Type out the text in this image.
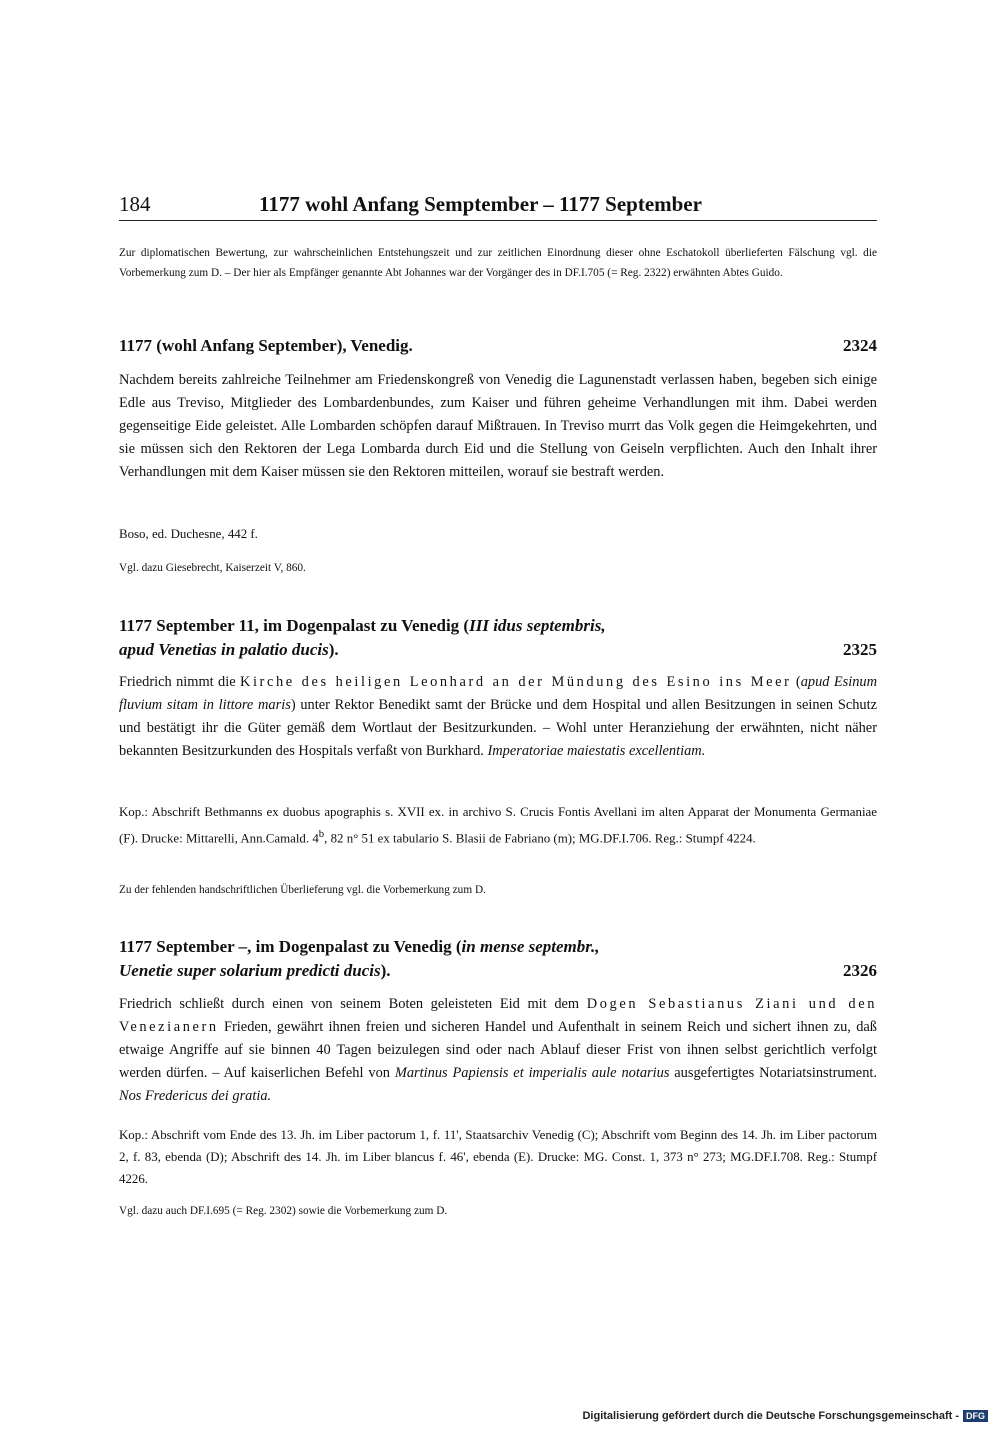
184	1177 wohl Anfang Semptember – 1177 September
Zur diplomatischen Bewertung, zur wahrscheinlichen Entstehungszeit und zur zeitlichen Einordnung dieser ohne Eschatokoll überlieferten Fälschung vgl. die Vorbemerkung zum D. – Der hier als Empfänger genannte Abt Johannes war der Vorgänger des in DF.I.705 (= Reg. 2322) erwähnten Abtes Guido.
1177 (wohl Anfang September), Venedig.	2324
Nachdem bereits zahlreiche Teilnehmer am Friedenskongreß von Venedig die Lagunenstadt verlassen haben, begeben sich einige Edle aus Treviso, Mitglieder des Lombardenbundes, zum Kaiser und führen geheime Verhandlungen mit ihm. Dabei werden gegenseitige Eide geleistet. Alle Lombarden schöpfen darauf Mißtrauen. In Treviso murrt das Volk gegen die Heimgekehrten, und sie müssen sich den Rektoren der Lega Lombarda durch Eid und die Stellung von Geiseln verpflichten. Auch den Inhalt ihrer Verhandlungen mit dem Kaiser müssen sie den Rektoren mitteilen, worauf sie bestraft werden.
Boso, ed. Duchesne, 442 f.
Vgl. dazu Giesebrecht, Kaiserzeit V, 860.
1177 September 11, im Dogenpalast zu Venedig (III idus septembris,
apud Venetias in palatio ducis).	2325
Friedrich nimmt die Kirche des heiligen Leonhard an der Mündung des Esino ins Meer (apud Esinum fluvium sitam in littore maris) unter Rektor Benedikt samt der Brücke und dem Hospital und allen Besitzungen in seinen Schutz und bestätigt ihr die Güter gemäß dem Wortlaut der Besitzurkunden. – Wohl unter Heranziehung der erwähnten, nicht näher bekannten Besitzurkunden des Hospitals verfaßt von Burkhard. Imperatoriae maiestatis excellentiam.
Kop.: Abschrift Bethmanns ex duobus apographis s. XVII ex. in archivo S. Crucis Fontis Avellani im alten Apparat der Monumenta Germaniae (F). Drucke: Mittarelli, Ann.Camald. 4$^b$, 82 n° 51 ex tabulario S. Blasii de Fabriano (m); MG.DF.I.706. Reg.: Stumpf 4224.
Zu der fehlenden handschriftlichen Überlieferung vgl. die Vorbemerkung zum D.
1177 September –, im Dogenpalast zu Venedig (in mense septembr.,
Uenetie super solarium predicti ducis).	2326
Friedrich schließt durch einen von seinem Boten geleisteten Eid mit dem Dogen Sebastianus Ziani und den Venezianern Frieden, gewährt ihnen freien und sicheren Handel und Aufenthalt in seinem Reich und sichert ihnen zu, daß etwaige Angriffe auf sie binnen 40 Tagen beizulegen sind oder nach Ablauf dieser Frist von ihnen selbst gerichtlich verfolgt werden dürfen. – Auf kaiserlichen Befehl von Martinus Papiensis et imperialis aule notarius ausgefertigtes Notariatsinstrument. Nos Fredericus dei gratia.
Kop.: Abschrift vom Ende des 13. Jh. im Liber pactorum 1, f. 11', Staatsarchiv Venedig (C); Abschrift vom Beginn des 14. Jh. im Liber pactorum 2, f. 83, ebenda (D); Abschrift des 14. Jh. im Liber blancus f. 46', ebenda (E). Drucke: MG. Const. 1, 373 n° 273; MG.DF.I.708. Reg.: Stumpf 4226.
Vgl. dazu auch DF.I.695 (= Reg. 2302) sowie die Vorbemerkung zum D.
Digitalisierung gefördert durch die Deutsche Forschungsgemeinschaft - DFG
